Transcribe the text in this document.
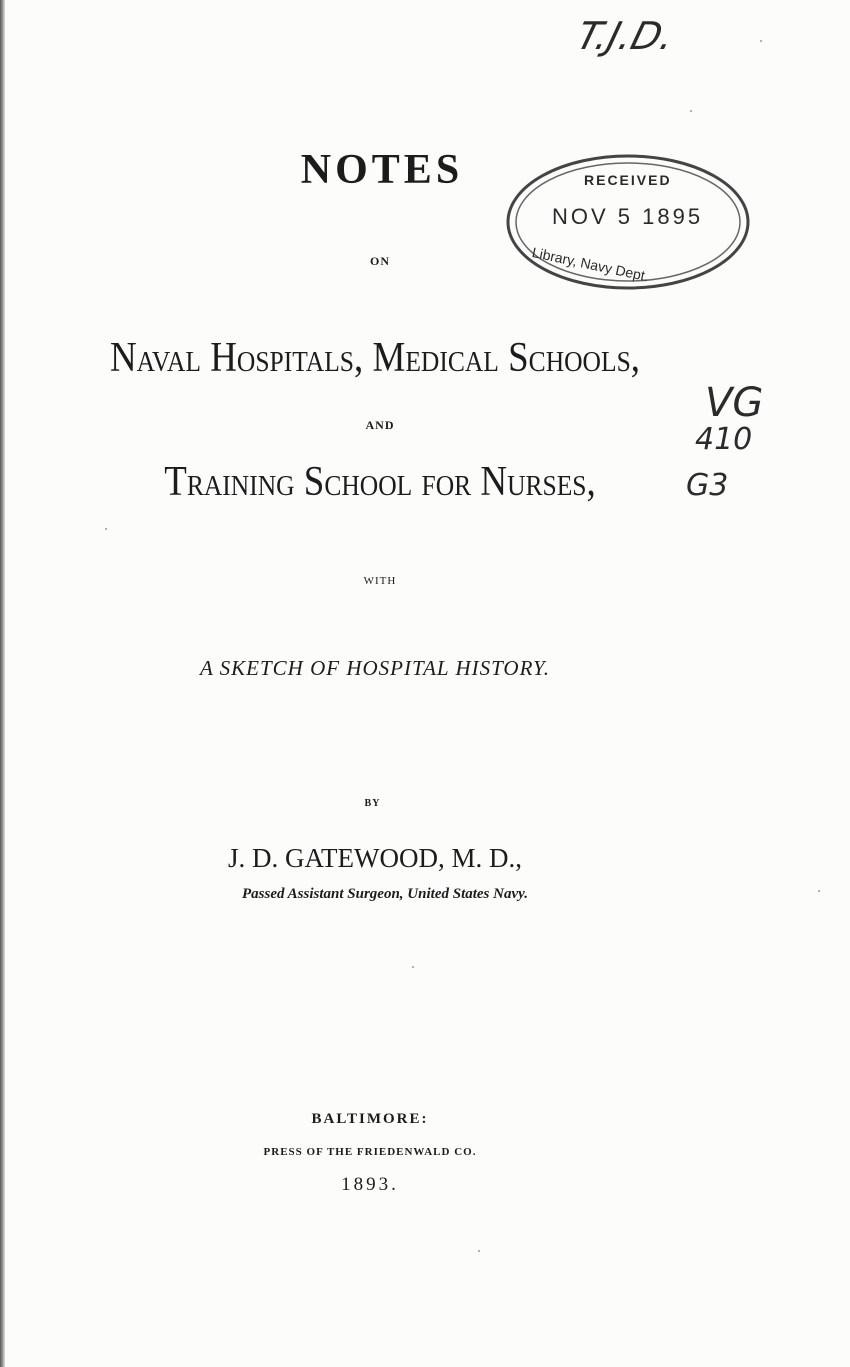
T.J.D.
NOTES	RECEIVED
NOV 5 1895
Library, Navy Dept.
ON
Naval Hospitals, Medical Schools,
VG
410
G3
AND
Training School for Nurses,
WITH
A SKETCH OF HOSPITAL HISTORY.
BY
J. D. GATEWOOD, M. D.,
Passed Assistant Surgeon, United States Navy.
BALTIMORE:
PRESS OF THE FRIEDENWALD CO.
1893.
